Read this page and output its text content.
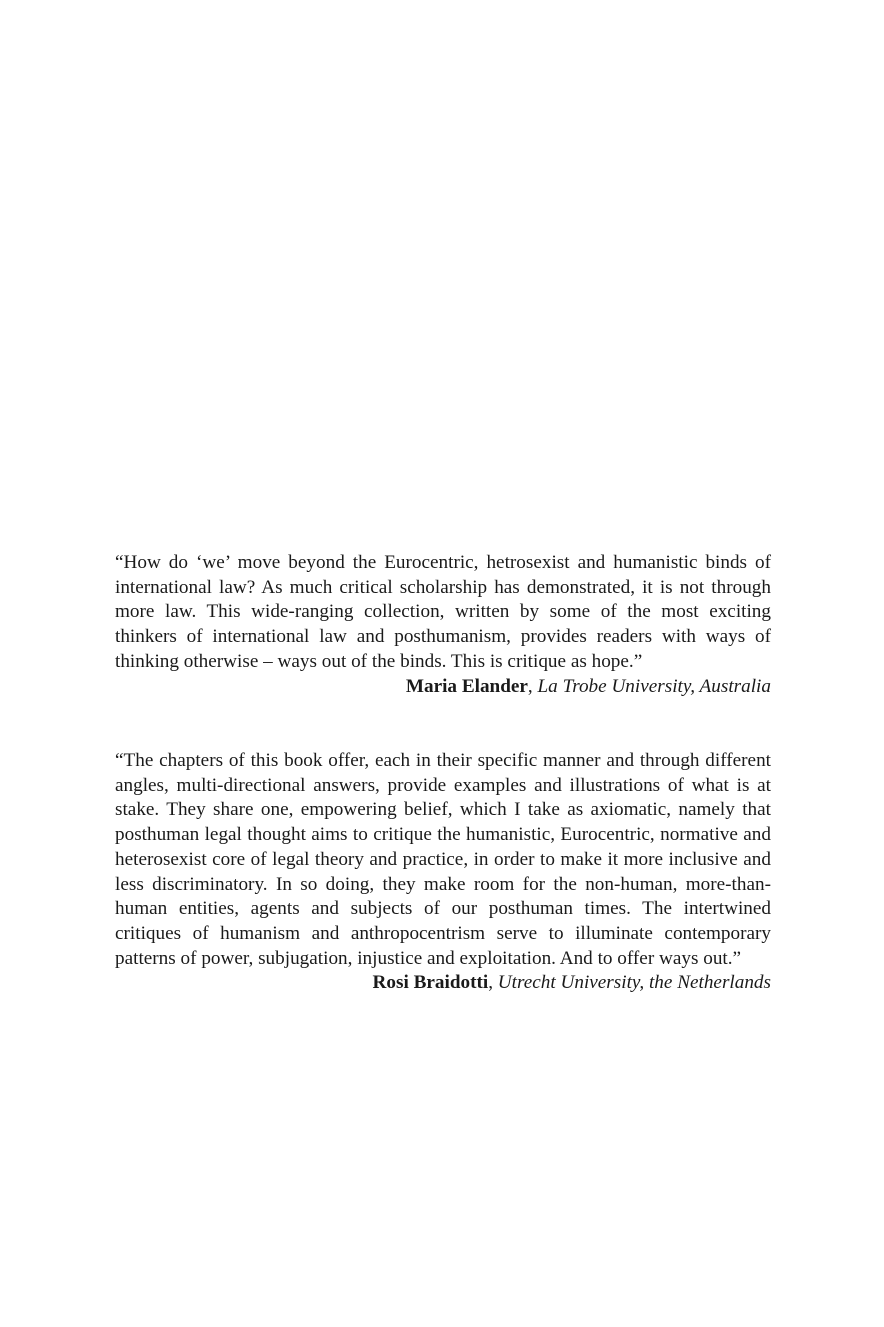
“How do ‘we’ move beyond the Eurocentric, hetrosexist and humanistic binds of international law? As much critical scholarship has demonstrated, it is not through more law. This wide-ranging collection, written by some of the most exciting thinkers of international law and posthumanism, provides readers with ways of thinking otherwise – ways out of the binds. This is critique as hope.”

Maria Elander, La Trobe University, Australia

“The chapters of this book offer, each in their specific manner and through different angles, multi-directional answers, provide examples and illustrations of what is at stake. They share one, empowering belief, which I take as axiomatic, namely that posthuman legal thought aims to critique the humanistic, Eurocentric, normative and heterosexist core of legal theory and practice, in order to make it more inclusive and less discriminatory. In so doing, they make room for the non-human, more-than-human entities, agents and subjects of our posthuman times. The intertwined critiques of humanism and anthropocentrism serve to illuminate contemporary patterns of power, subjugation, injustice and exploitation. And to offer ways out.”

Rosi Braidotti, Utrecht University, the Netherlands
